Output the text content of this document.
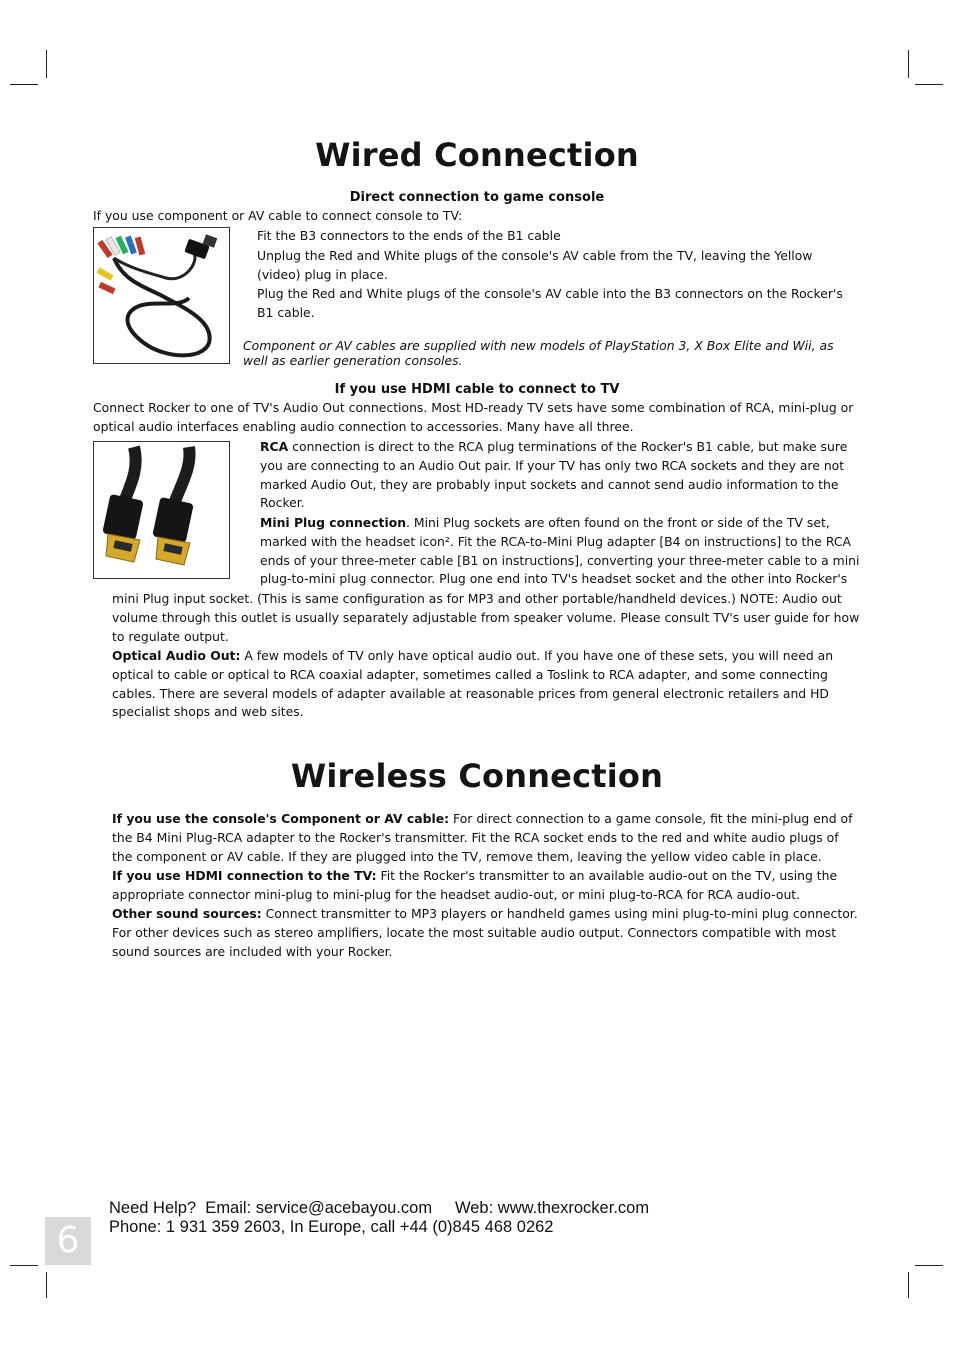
Wired Connection
Direct connection to game console
If you use component or AV cable to connect console to TV:

Fit the B3 connectors to the ends of the B1 cable

Unplug the Red and White plugs of the console's AV cable from the TV, leaving the Yellow (video) plug in place.

Plug the Red and White plugs of the console's AV cable into the B3 connectors on the Rocker's B1 cable.

Component or AV cables are supplied with new models of PlayStation 3, X Box Elite and Wii, as well as earlier generation consoles.

If you use HDMI cable to connect to TV

Connect Rocker to one of TV's Audio Out connections. Most HD-ready TV sets have some combination of RCA, mini-plug or optical audio interfaces enabling audio connection to accessories. Many have all three.

RCA connection is direct to the RCA plug terminations of the Rocker's B1 cable, but make sure you are connecting to an Audio Out pair. If your TV has only two RCA sockets and they are not marked Audio Out, they are probably input sockets and cannot send audio information to the Rocker.

Mini Plug connection. Mini Plug sockets are often found on the front or side of the TV set, marked with the headset icon². Fit the RCA-to-Mini Plug adapter [B4 on instructions] to the RCA ends of your three-meter cable [B1 on instructions], converting your three-meter cable to a mini plug-to-mini plug connector. Plug one end into TV's headset socket and the other into Rocker's

mini Plug input socket. (This is same configuration as for MP3 and other portable/handheld devices.) NOTE: Audio out volume through this outlet is usually separately adjustable from speaker volume. Please consult TV's user guide for how to regulate output.

Optical Audio Out: A few models of TV only have optical audio out. If you have one of these sets, you will need an optical to cable or optical to RCA coaxial adapter, sometimes called a Toslink to RCA adapter, and some connecting cables. There are several models of adapter available at reasonable prices from general electronic retailers and HD specialist shops and web sites.

Wireless Connection

If you use the console's Component or AV cable: For direct connection to a game console, fit the mini-plug end of the B4 Mini Plug-RCA adapter to the Rocker's transmitter. Fit the RCA socket ends to the red and white audio plugs of the component or AV cable. If they are plugged into the TV, remove them, leaving the yellow video cable in place.

If you use HDMI connection to the TV: Fit the Rocker's transmitter to an available audio-out on the TV, using the appropriate connector mini-plug to mini-plug for the headset audio-out, or mini plug-to-RCA for RCA audio-out.

Other sound sources: Connect transmitter to MP3 players or handheld games using mini plug-to-mini plug connector. For other devices such as stereo amplifiers, locate the most suitable audio output. Connectors compatible with most sound sources are included with your Rocker.

Need Help?  Email: service@acebayou.com     Web: www.thexrocker.com
Phone: 1 931 359 2603, In Europe, call +44 (0)845 468 0262
6
